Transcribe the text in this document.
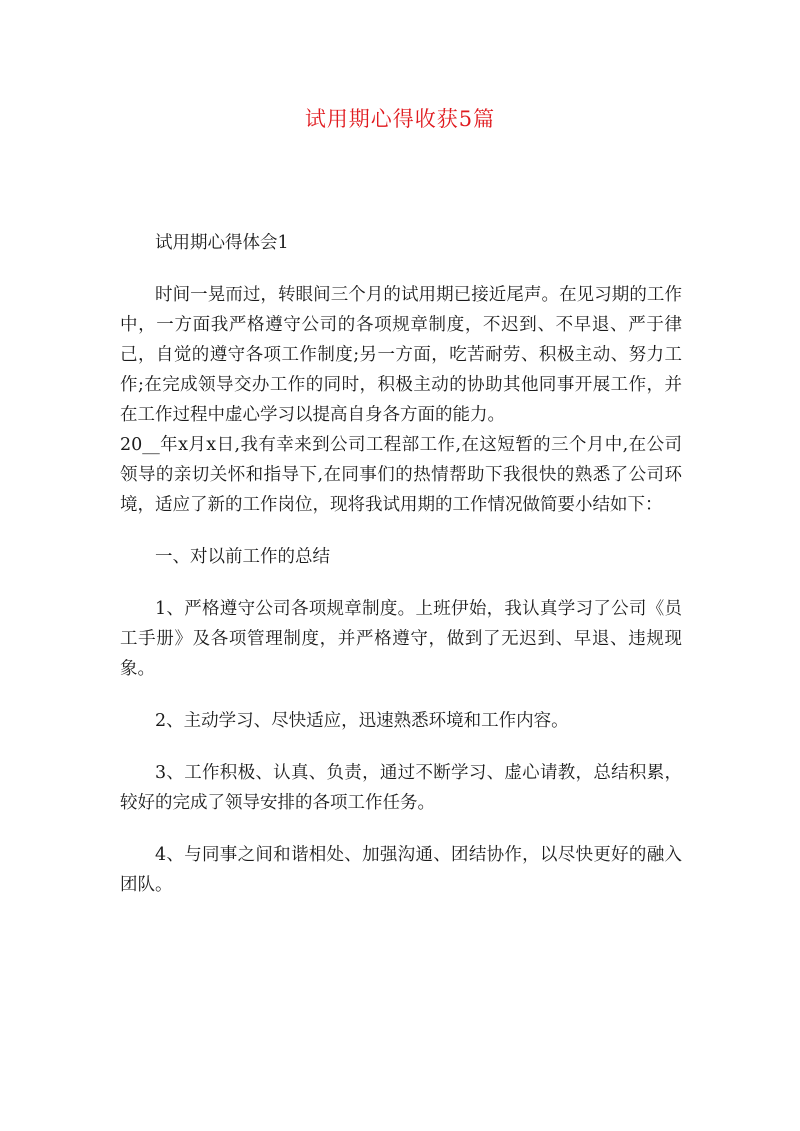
试用期心得收获5篇

试用期心得体会1

时间一晃而过，转眼间三个月的试用期已接近尾声。在见习期的工作中，一方面我严格遵守公司的各项规章制度，不迟到、不早退、严于律己，自觉的遵守各项工作制度;另一方面，吃苦耐劳、积极主动、努力工作;在完成领导交办工作的同时，积极主动的协助其他同事开展工作，并在工作过程中虚心学习以提高自身各方面的能力。

20__年x月x日,我有幸来到公司工程部工作,在这短暂的三个月中,在公司领导的亲切关怀和指导下,在同事们的热情帮助下我很快的熟悉了公司环境，适应了新的工作岗位，现将我试用期的工作情况做简要小结如下：

一、对以前工作的总结

1、严格遵守公司各项规章制度。上班伊始，我认真学习了公司《员工手册》及各项管理制度，并严格遵守，做到了无迟到、早退、违规现象。

2、主动学习、尽快适应，迅速熟悉环境和工作内容。

3、工作积极、认真、负责，通过不断学习、虚心请教，总结积累，较好的完成了领导安排的各项工作任务。

4、与同事之间和谐相处、加强沟通、团结协作，以尽快更好的融入团队。
